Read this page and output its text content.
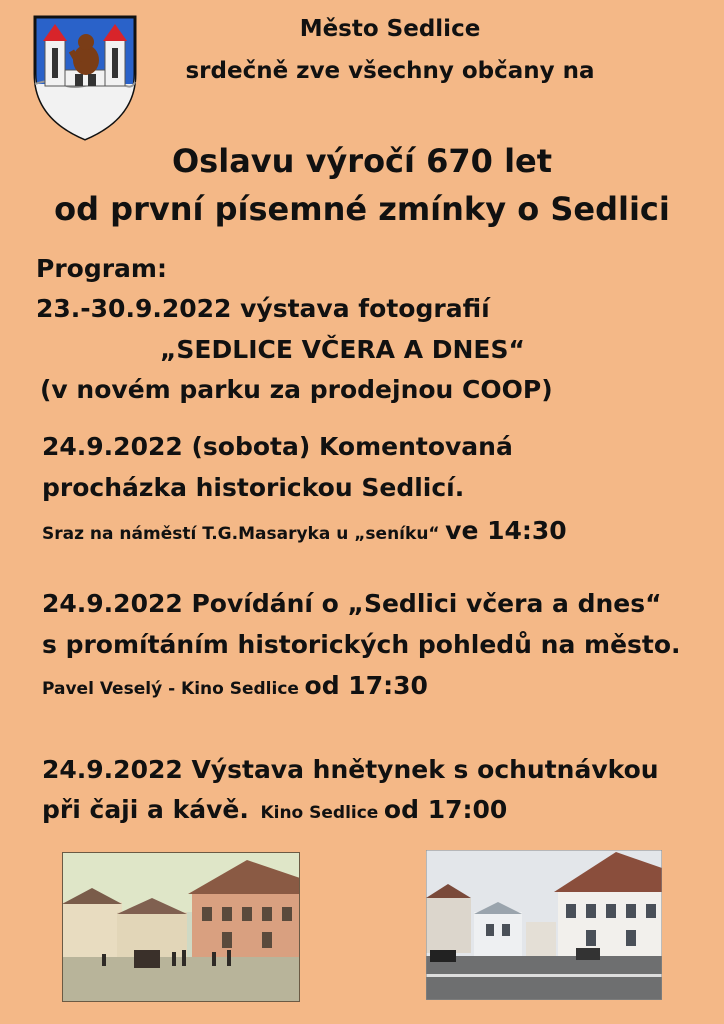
Město Sedlice
srdečně zve všechny občany na
Oslavu výročí 670 let
od první písemné zmínky o Sedlici
Program:
23.-30.9.2022 výstava fotografií
„SEDLICE VČERA A DNES“
(v novém parku za prodejnou COOP)
24.9.2022 (sobota) Komentovaná
procházka historickou Sedlicí.
Sraz na náměstí T.G.Masaryka u „seníku“ ve 14:30
24.9.2022 Povídání o „Sedlici včera a dnes“
s promítáním historických pohledů na město.
Pavel Veselý - Kino Sedlice od 17:30
24.9.2022 Výstava hnětynek s ochutnávkou
při čaji a kávě. Kino Sedlice od 17:00
